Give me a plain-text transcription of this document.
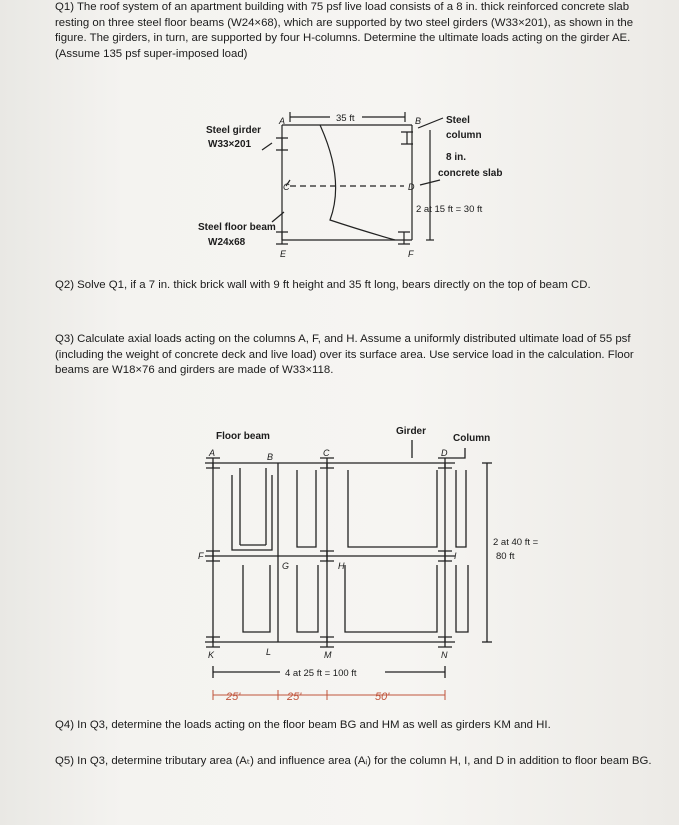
Q1) The roof system of an apartment building with 75 psf live load consists of a 8 in. thick reinforced concrete slab resting on three steel floor beams (W24×68), which are supported by two steel girders (W33×201), as shown in the figure. The girders, in turn, are supported by four H-columns. Determine the ultimate loads acting on the girder AE. (Assume 135 psf super-imposed load)

35 ft
Steel girder
W33×201
Steel
column
8 in.
concrete slab
2 at 15 ft = 30 ft
Steel floor beam
W24x68
A	B
C	D
E	F

Q2) Solve Q1, if a 7 in. thick brick wall with 9 ft height and 35 ft long, bears directly on the top of beam CD.

Q3) Calculate axial loads acting on the columns A, F, and H. Assume a uniformly distributed ultimate load of 55 psf (including the weight of concrete deck and live load) over its surface area. Use service load in the calculation. Floor beams are W18×76 and girders are made of W33×118.

25'	25'	50'
Floor beam	Girder
Column
2 at 40 ft =
80 ft
4 at 25 ft = 100 ft
A	B	C	D
F
G	H
I
K	L	M	N

Q4) In Q3, determine the loads acting on the floor beam BG and HM as well as girders KM and HI.

Q5) In Q3, determine tributary area (Aₜ) and influence area (Aᵢ) for the column H, I, and D in addition to floor beam BG.
